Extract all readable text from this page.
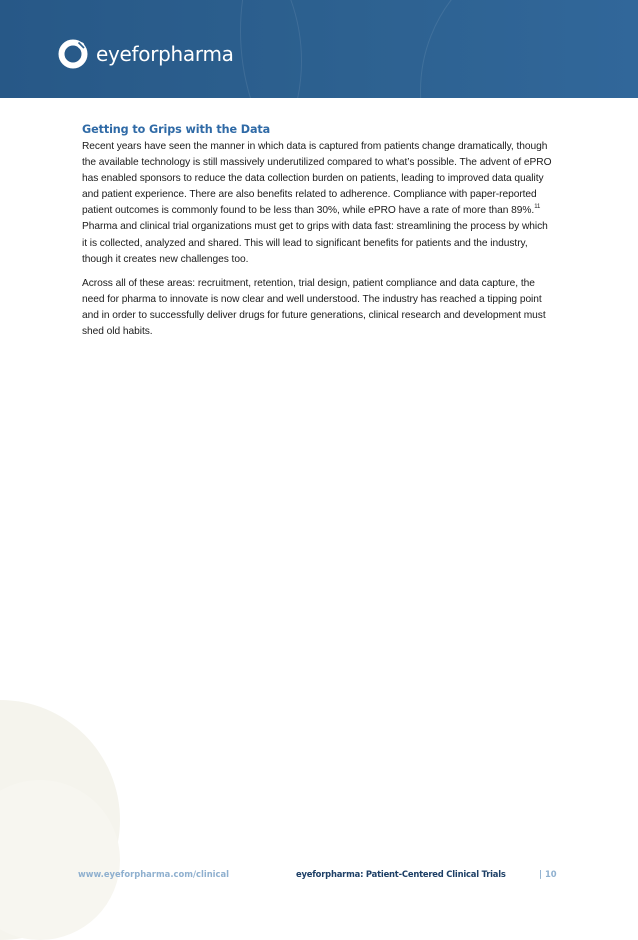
eyeforpharma
Getting to Grips with the Data

Recent years have seen the manner in which data is captured from patients change dramatically, though the available technology is still massively underutilized compared to what’s possible. The advent of ePRO has enabled sponsors to reduce the data collection burden on patients, leading to improved data quality and patient experience. There are also benefits related to adherence. Compliance with paper-reported patient outcomes is commonly found to be less than 30%, while ePRO have a rate of more than 89%.$^{11}$ Pharma and clinical trial organizations must get to grips with data fast: streamlining the process by which it is collected, analyzed and shared. This will lead to significant benefits for patients and the industry, though it creates new challenges too.

Across all of these areas: recruitment, retention, trial design, patient compliance and data capture, the need for pharma to innovate is now clear and well understood. The industry has reached a tipping point and in order to successfully deliver drugs for future generations, clinical research and development must shed old habits.

www.eyeforpharma.com/clinical	eyeforpharma: Patient-Centered Clinical Trials	| 10
